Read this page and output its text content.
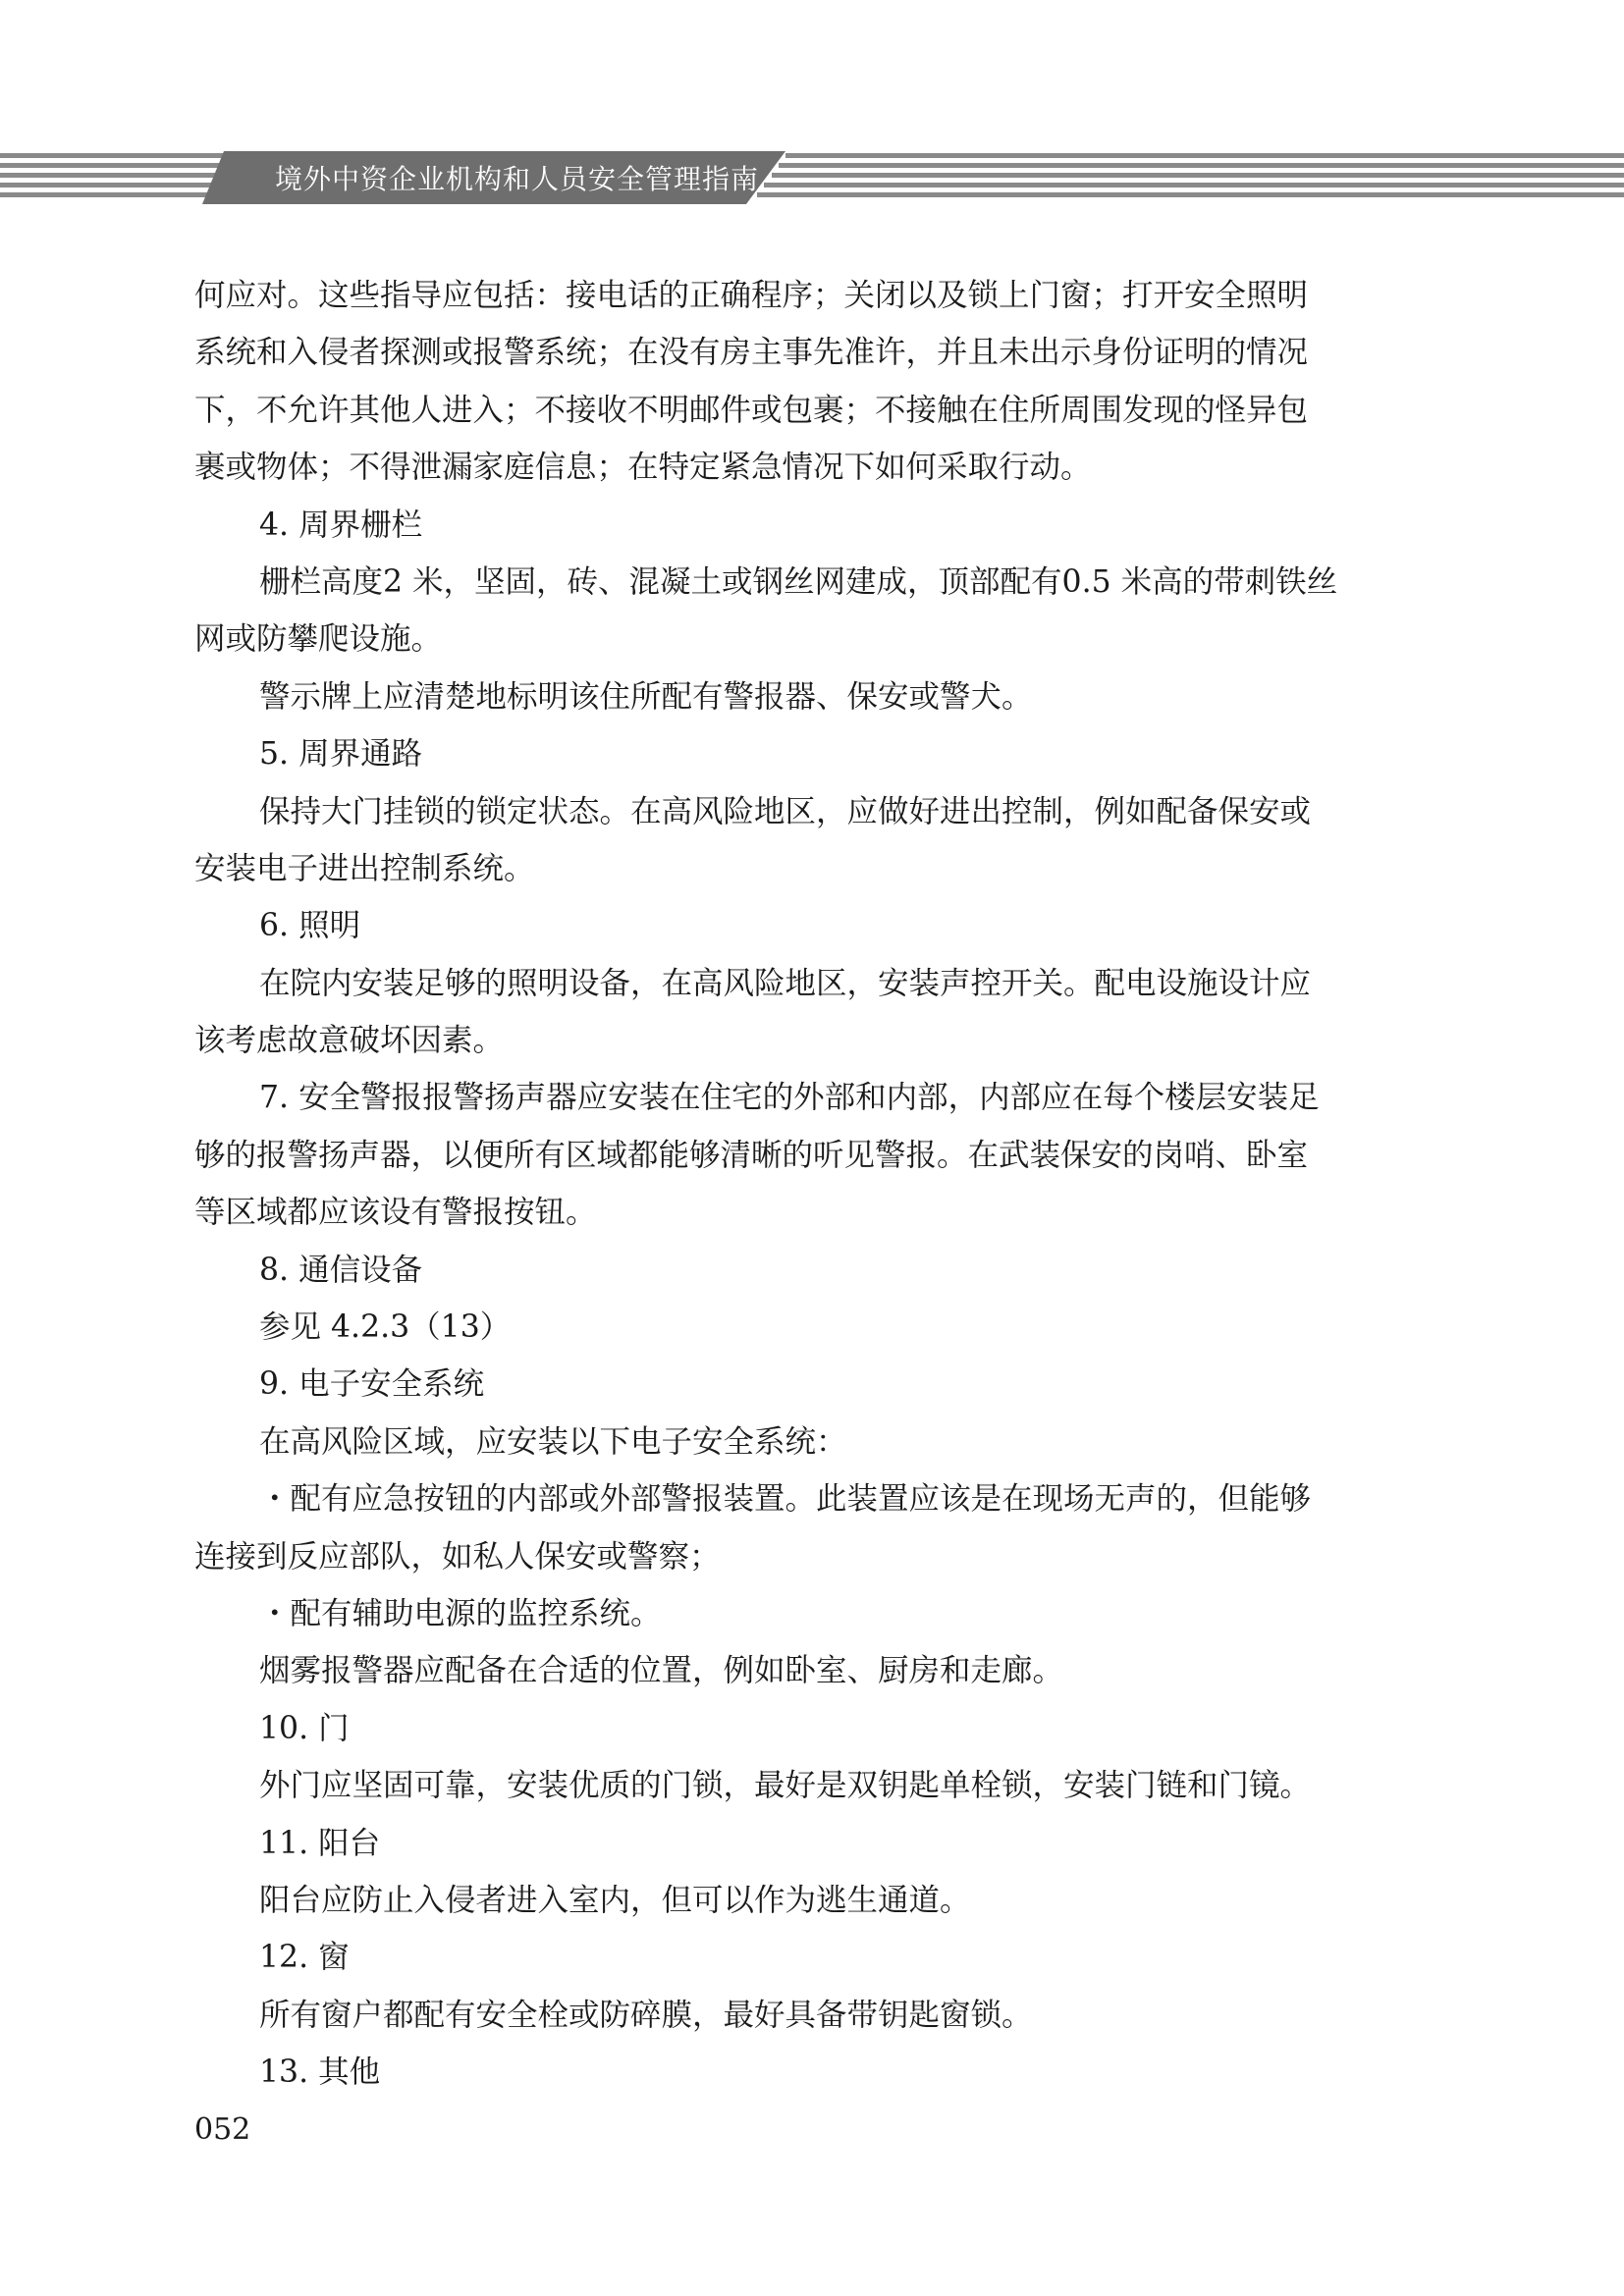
境外中资企业机构和人员安全管理指南
何应对。这些指导应包括：接电话的正确程序；关闭以及锁上门窗；打开安全照明
系统和入侵者探测或报警系统；在没有房主事先准许，并且未出示身份证明的情况
下，不允许其他人进入；不接收不明邮件或包裹；不接触在住所周围发现的怪异包
裹或物体；不得泄漏家庭信息；在特定紧急情况下如何采取行动。
4. 周界栅栏
栅栏高度2 米，坚固，砖、混凝土或钢丝网建成，顶部配有0.5 米高的带刺铁丝
网或防攀爬设施。
警示牌上应清楚地标明该住所配有警报器、保安或警犬。
5. 周界通路
保持大门挂锁的锁定状态。在高风险地区，应做好进出控制，例如配备保安或
安装电子进出控制系统。
6. 照明
在院内安装足够的照明设备，在高风险地区，安装声控开关。配电设施设计应
该考虑故意破坏因素。
7. 安全警报报警扬声器应安装在住宅的外部和内部，内部应在每个楼层安装足
够的报警扬声器，以便所有区域都能够清晰的听见警报。在武装保安的岗哨、卧室
等区域都应该设有警报按钮。
8. 通信设备
参见 4.2.3（13）
9. 电子安全系统
在高风险区域，应安装以下电子安全系统：
・配有应急按钮的内部或外部警报装置。此装置应该是在现场无声的，但能够
连接到反应部队，如私人保安或警察；
・配有辅助电源的监控系统。
烟雾报警器应配备在合适的位置，例如卧室、厨房和走廊。
10. 门
外门应坚固可靠，安装优质的门锁，最好是双钥匙单栓锁，安装门链和门镜。
11. 阳台
阳台应防止入侵者进入室内，但可以作为逃生通道。
12. 窗
所有窗户都配有安全栓或防碎膜，最好具备带钥匙窗锁。
13. 其他
052
